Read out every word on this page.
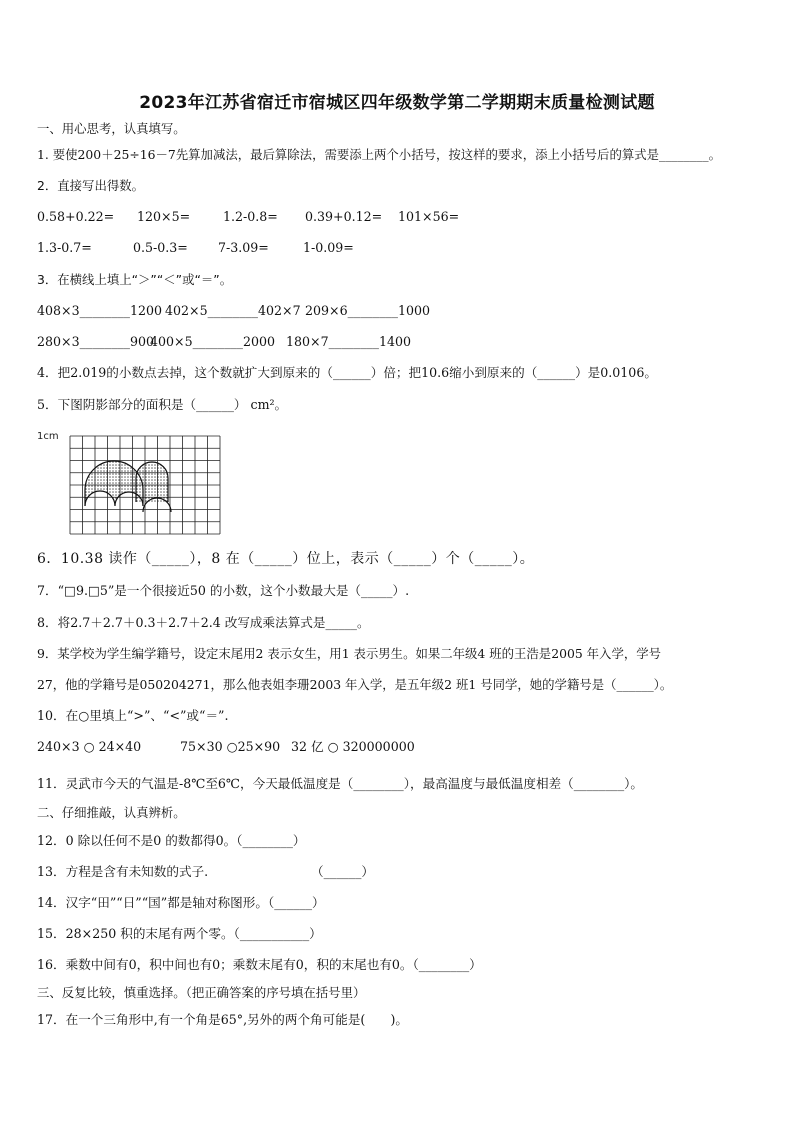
2023年江苏省宿迁市宿城区四年级数学第二学期期末质量检测试题
一、用心思考，认真填写。
1. 要使200＋25÷16－7先算加减法，最后算除法，需要添上两个小括号，按这样的要求，添上小括号后的算式是________。
2．直接写出得数。
0.58+0.22= 120×5=	1.2-0.8= 0.39+0.12= 101×56=
1.3-0.7=	0.5-0.3= 7-3.09=	1-0.09=
3．在横线上填上“＞”“＜”或“＝”。
408×3________1200 402×5________402×7 209×6________1000
280×3________900
400×5________2000 180×7________1400
4．把2.019的小数点去掉，这个数就扩大到原来的（______）倍；把10.6缩小到原来的（______）是0.0106。
5．下图阴影部分的面积是（______） cm²。
1cm
6．10.38 读作（_____），8 在（_____）位上，表示（_____）个（_____）。
7．“□9.□5”是一个很接近50 的小数，这个小数最大是（_____）.
8．将2.7＋2.7＋0.3＋2.7＋2.4 改写成乘法算式是_____。
9．某学校为学生编学籍号，设定末尾用2 表示女生，用1 表示男生。如果二年级4 班的王浩是2005 年入学，学号
27，他的学籍号是050204271，那么他表姐李珊2003 年入学，是五年级2 班1 号同学，她的学籍号是（______）。
10．在○里填上“>”、“<”或“＝”.
240×3 ○ 24×40	75×30 ○25×90 32 亿 ○ 320000000
11．灵武市今天的气温是-8℃至6℃，今天最低温度是（________），最高温度与最低温度相差（________）。
二、仔细推敲，认真辨析。
12．0 除以任何不是0 的数都得0。（________）
13．方程是含有未知数的式子.	（______）
14．汉字“田”“日”“国”都是轴对称图形。（______）
15．28×250 积的末尾有两个零。（___________）
16．乘数中间有0，积中间也有0；乘数末尾有0，积的末尾也有0。（________）
三、反复比较，慎重选择。（把正确答案的序号填在括号里）
17．在一个三角形中,有一个角是65°,另外的两个角可能是(　　)。
